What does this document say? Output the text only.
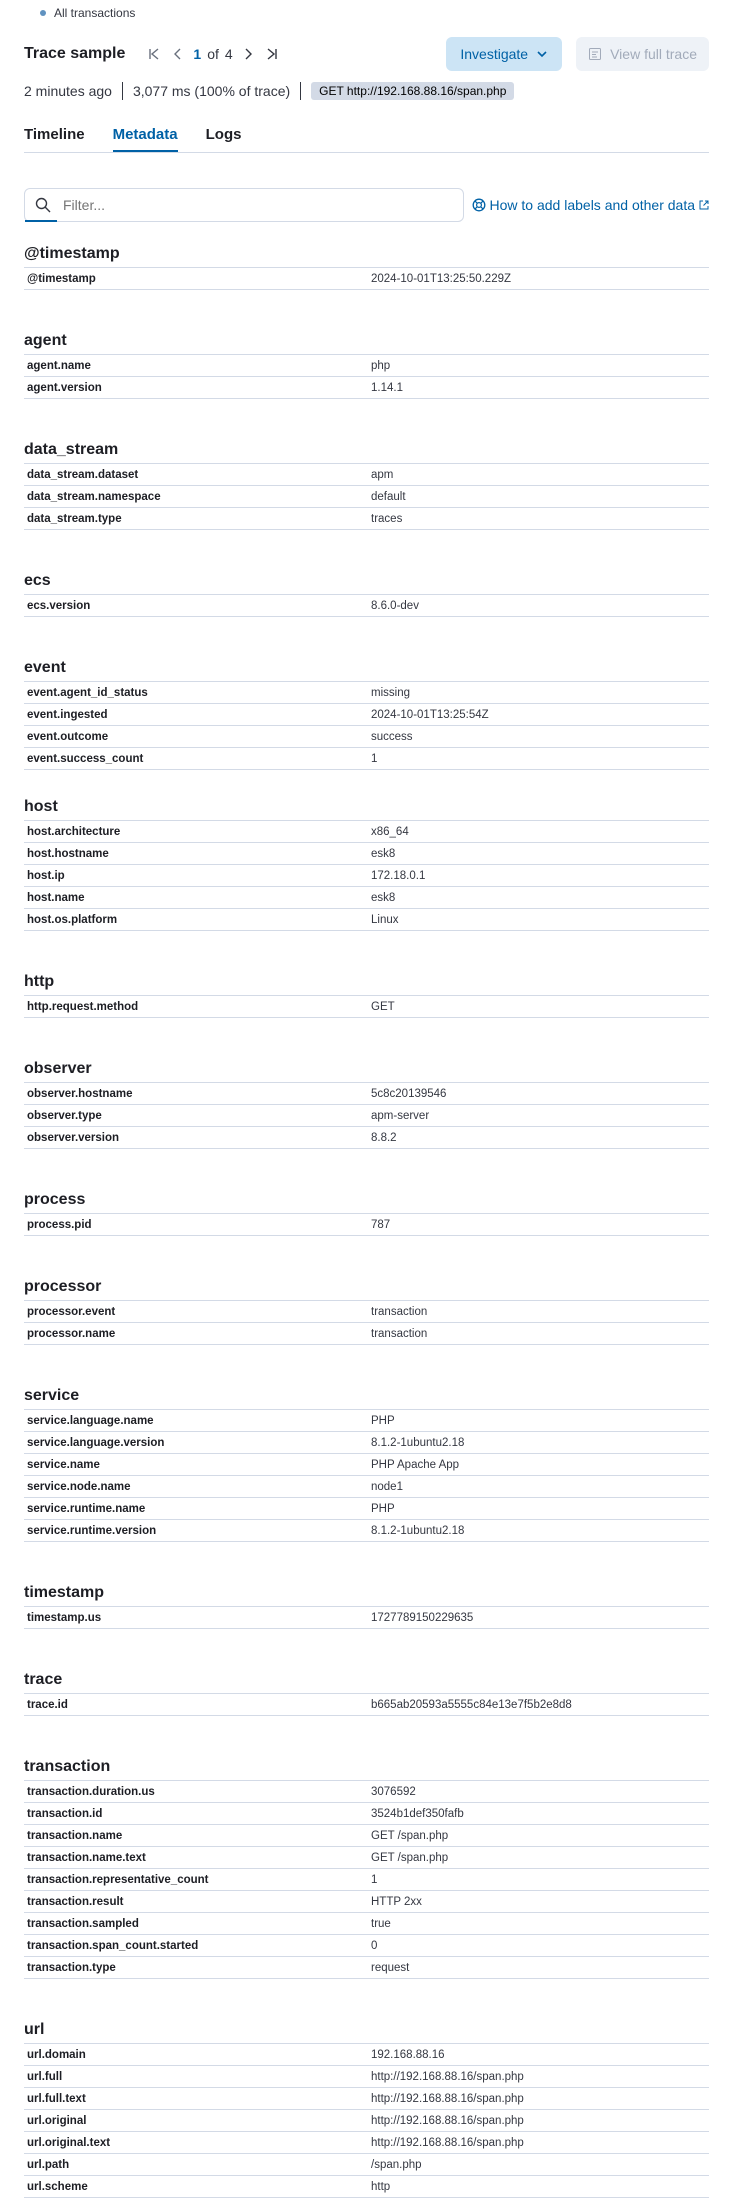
All transactions
Trace sample	1 of 4	Investigate	View full trace
2 minutes ago 3,077 ms (100% of trace)	GET http://192.168.88.16/span.php
Timeline Metadata Logs
Filter...
How to add labels and other data
@timestamp
@timestamp	2024-10-01T13:25:50.229Z
agent
agent.name	php
agent.version	1.14.1
data_stream
data_stream.dataset	apm
data_stream.namespace	default
data_stream.type	traces
ecs
ecs.version	8.6.0-dev
event
event.agent_id_status	missing
event.ingested	2024-10-01T13:25:54Z
event.outcome	success
event.success_count	1
host
host.architecture	x86_64
host.hostname	esk8
host.ip	172.18.0.1
host.name	esk8
host.os.platform	Linux
http
http.request.method	GET
observer
observer.hostname	5c8c20139546
observer.type	apm-server
observer.version	8.8.2
process
process.pid	787
processor
processor.event	transaction
processor.name	transaction
service
service.language.name	PHP
service.language.version	8.1.2-1ubuntu2.18
service.name	PHP Apache App
service.node.name	node1
service.runtime.name	PHP
service.runtime.version	8.1.2-1ubuntu2.18
timestamp
timestamp.us	1727789150229635
trace
trace.id	b665ab20593a5555c84e13e7f5b2e8d8
transaction
transaction.duration.us	3076592
transaction.id	3524b1def350fafb
transaction.name	GET /span.php
transaction.name.text	GET /span.php
transaction.representative_count	1
transaction.result	HTTP 2xx
transaction.sampled	true
transaction.span_count.started	0
transaction.type	request
url
url.domain	192.168.88.16
url.full	http://192.168.88.16/span.php
url.full.text	http://192.168.88.16/span.php
url.original	http://192.168.88.16/span.php
url.original.text	http://192.168.88.16/span.php
url.path	/span.php
url.scheme	http
